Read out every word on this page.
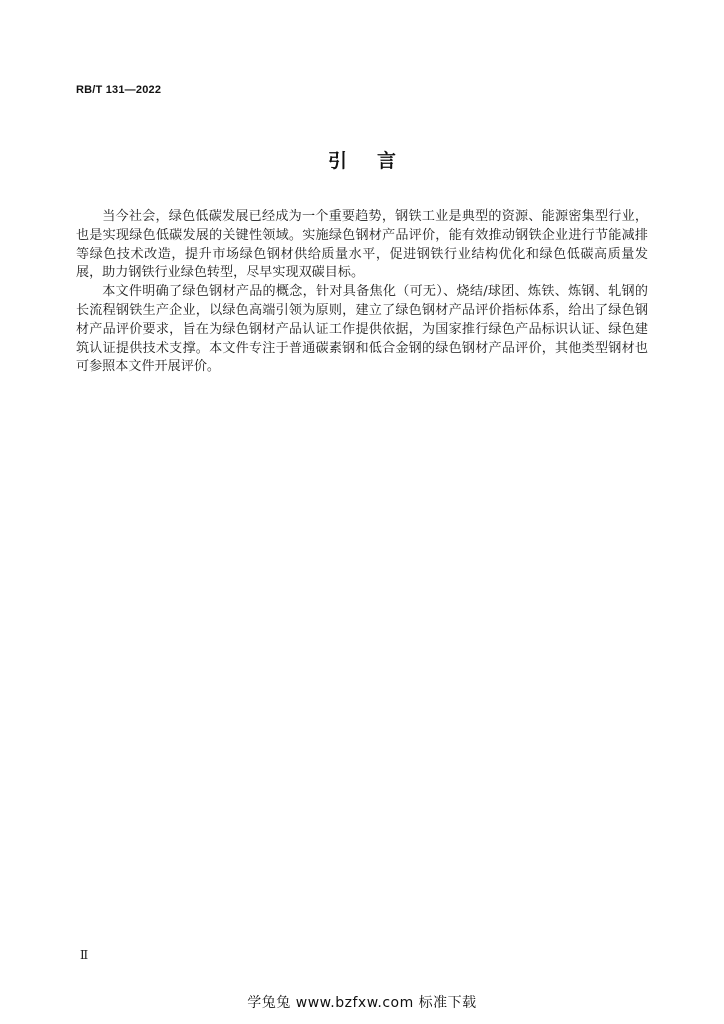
RB/T 131—2022
引言

当今社会，绿色低碳发展已经成为一个重要趋势，钢铁工业是典型的资源、能源密集型行业，也是实现绿色低碳发展的关键性领域。实施绿色钢材产品评价，能有效推动钢铁企业进行节能减排等绿色技术改造，提升市场绿色钢材供给质量水平，促进钢铁行业结构优化和绿色低碳高质量发展，助力钢铁行业绿色转型，尽早实现双碳目标。

本文件明确了绿色钢材产品的概念，针对具备焦化（可无）、烧结/球团、炼铁、炼钢、轧钢的长流程钢铁生产企业，以绿色高端引领为原则，建立了绿色钢材产品评价指标体系，给出了绿色钢材产品评价要求，旨在为绿色钢材产品认证工作提供依据，为国家推行绿色产品标识认证、绿色建筑认证提供技术支撑。本文件专注于普通碳素钢和低合金钢的绿色钢材产品评价，其他类型钢材也可参照本文件开展评价。

Ⅱ
学兔兔 www.bzfxw.com 标准下载
